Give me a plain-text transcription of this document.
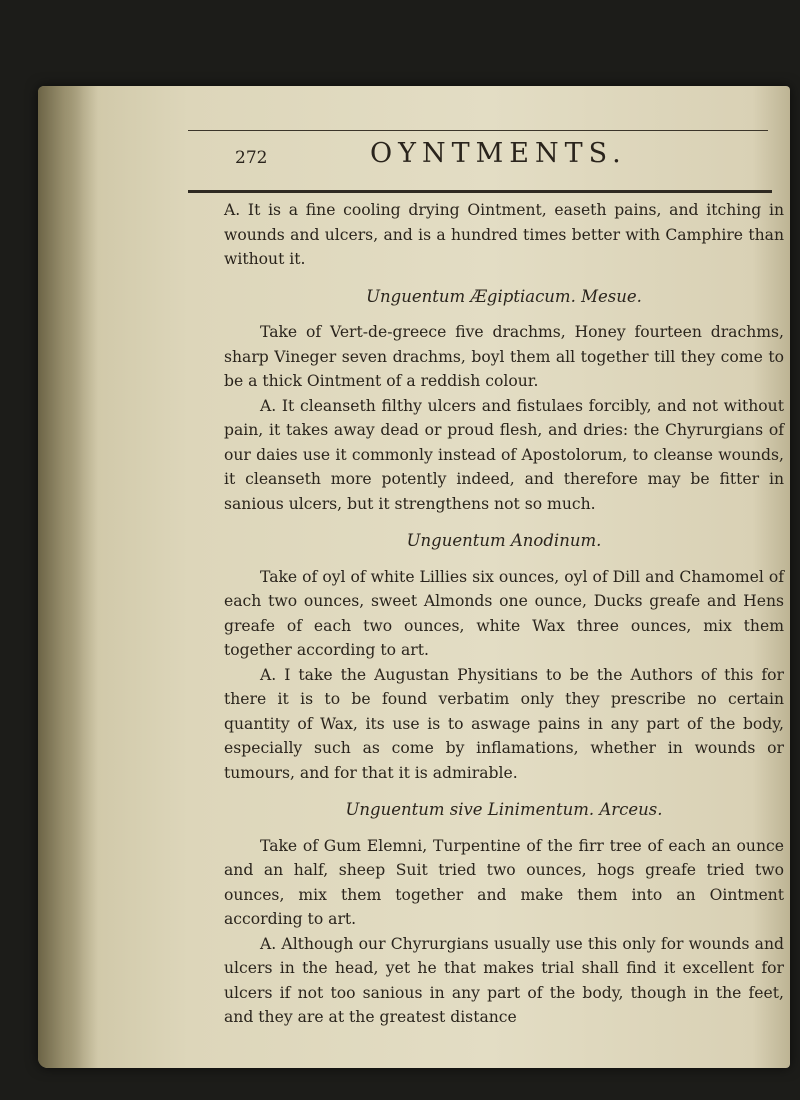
272	OYNTMENTS.

A. It is a fine cooling drying Ointment, easeth pains, and itching in wounds and ulcers, and is a hundred times better with Camphire than without it.

Unguentum Ægiptiacum. Mesue.

Take of Vert-de-greece five drachms, Honey fourteen drachms, sharp Vineger seven drachms, boyl them all together till they come to be a thick Ointment of a reddish colour.

A. It cleanseth filthy ulcers and fistulaes forcibly, and not without pain, it takes away dead or proud flesh, and dries: the Chyrurgians of our daies use it commonly instead of Apostolorum, to cleanse wounds, it cleanseth more potently indeed, and therefore may be fitter in sanious ulcers, but it strengthens not so much.

Unguentum Anodinum.

Take of oyl of white Lillies six ounces, oyl of Dill and Chamomel of each two ounces, sweet Almonds one ounce, Ducks greafe and Hens greafe of each two ounces, white Wax three ounces, mix them together according to art.

A. I take the Augustan Physitians to be the Authors of this for there it is to be found verbatim only they prescribe no certain quantity of Wax, its use is to aswage pains in any part of the body, especially such as come by inflamations, whether in wounds or tumours, and for that it is admirable.

Unguentum sive Linimentum. Arceus.

Take of Gum Elemni, Turpentine of the firr tree of each an ounce and an half, sheep Suit tried two ounces, hogs greafe tried two ounces, mix them together and make them into an Ointment according to art.

A. Although our Chyrurgians usually use this only for wounds and ulcers in the head, yet he that makes trial shall find it excellent for ulcers if not too sanious in any part of the body, though in the feet, and they are at the greatest distance
